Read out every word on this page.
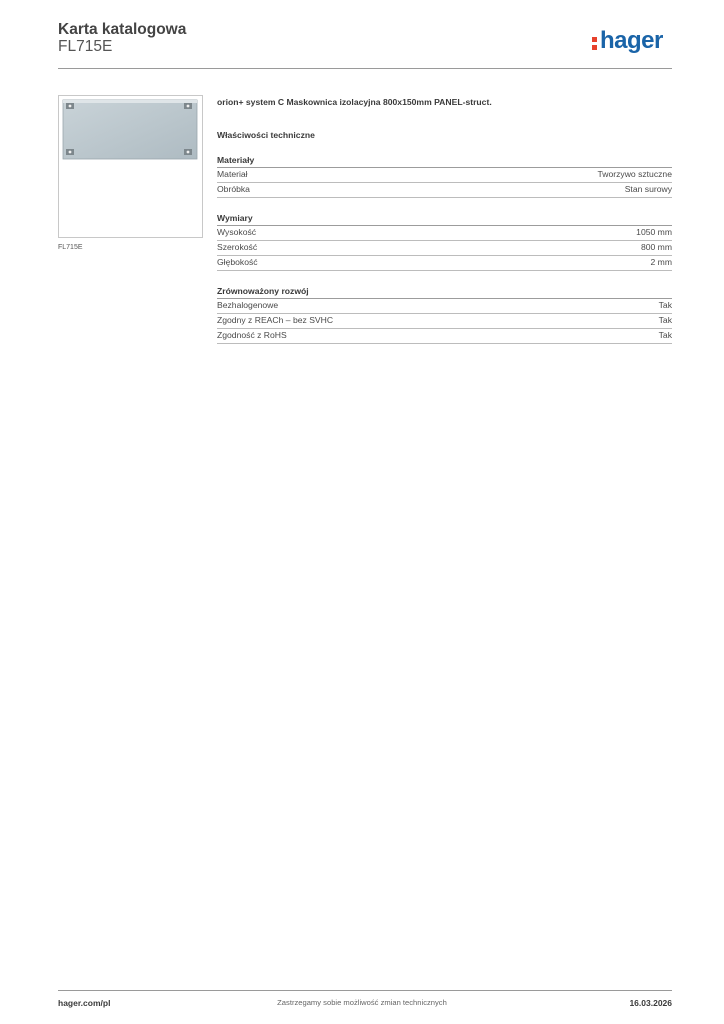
Karta katalogowa
FL715E	hager
FL715E
orion+ system C Maskownica izolacyjna 800x150mm PANEL-struct.
Właściwości techniczne
Materiały
Materiał	Tworzywo sztuczne
Obróbka	Stan surowy
Wymiary
Wysokość	1050 mm
Szerokość	800 mm
Głębokość	2 mm
Zrównoważony rozwój
Bezhalogenowe	Tak
Zgodny z REACh – bez SVHC	Tak
Zgodność z RoHS	Tak
hager.com/pl	Zastrzegamy sobie możliwość zmian technicznych	16.03.2026
